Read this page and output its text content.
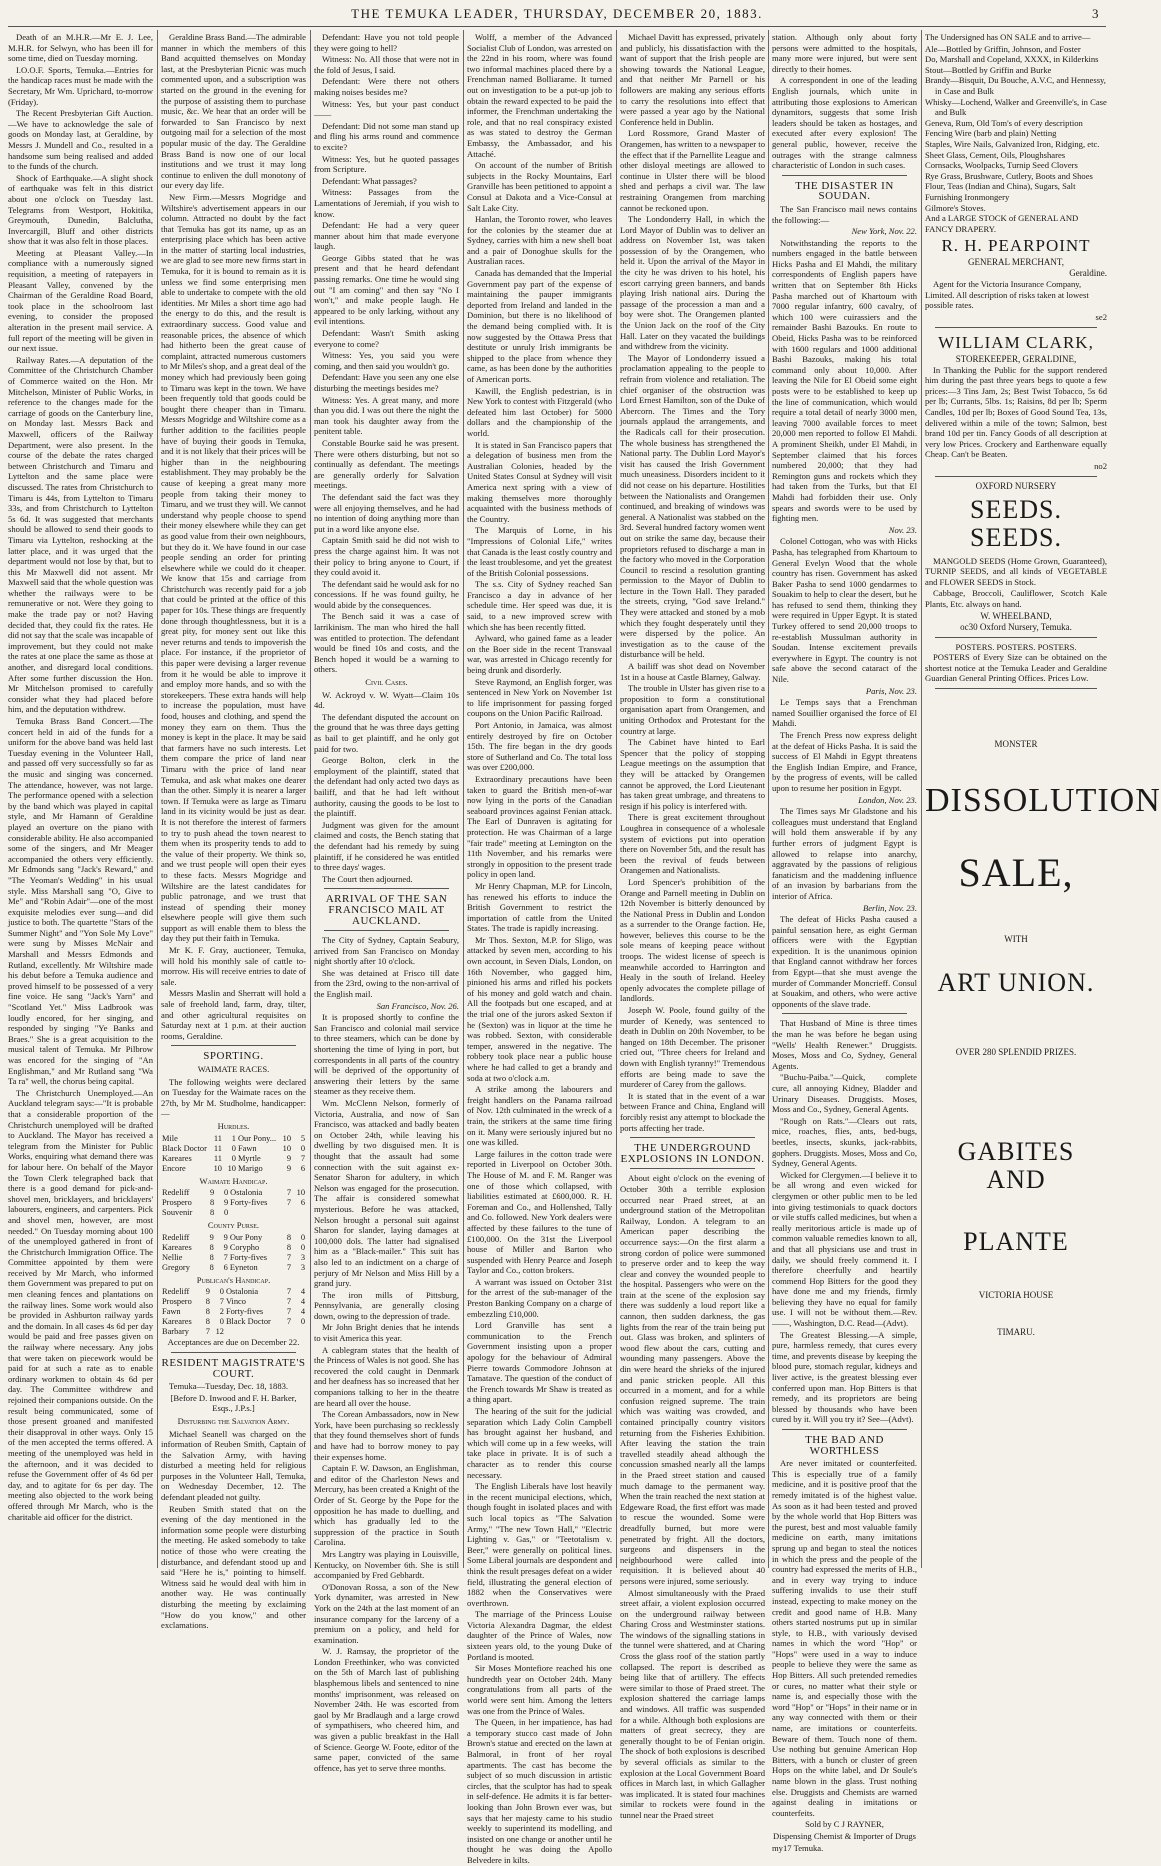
THE TEMUKA LEADER, THURSDAY, DECEMBER 20, 1883.	3

Death of an M.H.R.—Mr E. J. Lee, M.H.R. for Selwyn, who has been ill for some time, died on Tuesday morning.

I.O.O.F. Sports, Temuka.—Entries for the handicap races must be made with the Secretary, Mr Wm. Uprichard, to-morrow (Friday).

The Recent Presbyterian Gift Auction.—We have to acknowledge the sale of goods on Monday last, at Geraldine, by Messrs J. Mundell and Co., resulted in a handsome sum being realised and added to the funds of the church.

Shock of Earthquake.—A slight shock of earthquake was felt in this district about one o'clock on Tuesday last. Telegrams from Westport, Hokitika, Greymouth, Dunedin, Balclutha, Invercargill, Bluff and other districts show that it was also felt in those places.

Meeting at Pleasant Valley.—In compliance with a numerously signed requisition, a meeting of ratepayers in Pleasant Valley, convened by the Chairman of the Geraldine Road Board, took place in the schoolroom last evening, to consider the proposed alteration in the present mail service. A full report of the meeting will be given in our next issue.

Railway Rates.—A deputation of the Committee of the Christchurch Chamber of Commerce waited on the Hon. Mr Mitchelson, Minister of Public Works, in reference to the changes made for the carriage of goods on the Canterbury line, on Monday last. Messrs Back and Maxwell, officers of the Railway Department, were also present. In the course of the debate the rates charged between Christchurch and Timaru and Lyttelton and the same place were discussed. The rates from Christchurch to Timaru is 44s, from Lyttelton to Timaru 33s, and from Christchurch to Lyttelton 5s 6d. It was suggested that merchants should be allowed to send their goods to Timaru via Lyttelton, reshocking at the latter place, and it was urged that the department would not lose by that, but to this Mr Maxwell did not assent. Mr Maxwell said that the whole question was whether the railways were to be remunerative or not. Were they going to make the trade pay or not? Having decided that, they could fix the rates. He did not say that the scale was incapable of improvement, but they could not make the rates at one place the same as those at another, and disregard local conditions. After some further discussion the Hon. Mr Mitchelson promised to carefully consider what they had placed before him, and the deputation withdrew.

Temuka Brass Band Concert.—The concert held in aid of the funds for a uniform for the above band was held last Tuesday evening in the Volunteer Hall, and passed off very successfully so far as the music and singing was concerned. The attendance, however, was not large. The performance opened with a selection by the band which was played in capital style, and Mr Hamann of Geraldine played an overture on the piano with considerable ability. He also accompanied some of the singers, and Mr Meager accompanied the others very efficiently. Mr Edmonds sang "Jack's Reward," and "The Yeoman's Wedding" in his usual style. Miss Marshall sang "O, Give to Me" and "Robin Adair"—one of the most exquisite melodies ever sung—and did justice to both. The quartette "Stars of the Summer Night" and "Yon Sole My Love" were sung by Misses McNair and Marshall and Messrs Edmonds and Rutland, excellently. Mr Wiltshire made his debut before a Temuka audience and proved himself to be possessed of a very fine voice. He sang "Jack's Yarn" and "Scotland Yet." Miss Ladbrook was loudly encored, for her singing, and responded by singing "Ye Banks and Braes." She is a great acquisition to the musical talent of Temuka. Mr Pilbrow was encored for the singing of "An Englishman," and Mr Rutland sang "Wa Ta ra" well, the chorus being capital.

The Christchurch Unemployed.—An Auckland telegram says:—"It is probable that a considerable proportion of the Christchurch unemployed will be drafted to Auckland. The Mayor has received a telegram from the Minister for Public Works, enquiring what demand there was for labour here. On behalf of the Mayor the Town Clerk telegraphed back that there is a good demand for pick-and-shovel men, bricklayers, and bricklayers' labourers, engineers, and carpenters. Pick and shovel men, however, are most needed." On Tuesday morning about 100 of the unemployed gathered in front of the Christchurch Immigration Office. The Committee appointed by them were received by Mr March, who informed them Government was prepared to put on men cleaning fences and plantations on the railway lines. Some work would also be provided in Ashburton railway yards and the domain. In all cases 4s 6d per day would be paid and free passes given on the railway where necessary. Any jobs that were taken on piecework would be paid for at such a rate as to enable ordinary workmen to obtain 4s 6d per day. The Committee withdrew and rejoined their companions outside. On the result being communicated, some of those present groaned and manifested their disapproval in other ways. Only 15 of the men accepted the terms offered. A meeting of the unemployed was held in the afternoon, and it was decided to refuse the Government offer of 4s 6d per day, and to agitate for 6s per day. The meeting also objected to the work being offered through Mr March, who is the charitable aid officer for the district.

Geraldine Brass Band.—The admirable manner in which the members of this Band acquitted themselves on Monday last, at the Presbyterian Picnic was much commented upon, and a subscription was started on the ground in the evening for the purpose of assisting them to purchase music, &c. We hear that an order will be forwarded to San Francisco by next outgoing mail for a selection of the most popular music of the day. The Geraldine Brass Band is now one of our local institutions and we trust it may long continue to enliven the dull monotony of our every day life.

New Firm.—Messrs Mogridge and Wiltshire's advertisement appears in our column. Attracted no doubt by the fact that Temuka has got its name, up as an enterprising place which has been active in the matter of starting local industries, we are glad to see more new firms start in Temuka, for it is bound to remain as it is unless we find some enterprising men able to undertake to compete with the old identities. Mr Miles a short time ago had the energy to do this, and the result is extraordinary success. Good value and reasonable prices, the absence of which had hitherto been the great cause of complaint, attracted numerous customers to Mr Miles's shop, and a great deal of the money which had previously been going to Timaru was kept in the town. We have been frequently told that goods could be bought there cheaper than in Timaru. Messrs Mogridge and Wiltshire come as a further addition to the facilities people have of buying their goods in Temuka, and it is not likely that their prices will be higher than in the neighbouring establishment. They may probably be the cause of keeping a great many more people from taking their money to Timaru, and we trust they will. We cannot understand why people choose to spend their money elsewhere while they can get as good value from their own neighbours, but they do it. We have found in our case people sending an order for printing elsewhere while we could do it cheaper. We know that 15s and carriage from Christchurch was recently paid for a job that could be printed at the office of this paper for 10s. These things are frequently done through thoughtlessness, but it is a great pity, for money sent out like this never returns and tends to impoverish the place. For instance, if the proprietor of this paper were devising a larger revenue from it he would be able to improve it and employ more hands, and so with the storekeepers. These extra hands will help to increase the population, must have food, houses and clothing, and spend the money they earn on them. Thus the money is kept in the place. It may be said that farmers have no such interests. Let them compare the price of land near Timaru with the price of land near Temuka, and ask what makes one dearer than the other. Simply it is nearer a larger town. If Temuka were as large as Timaru land in its vicinity would be just as dear. It is not therefore the interest of farmers to try to push ahead the town nearest to them when its prosperity tends to add to the value of their property. We think so, and we trust people will open their eyes to these facts. Messrs Mogridge and Wiltshire are the latest candidates for public patronage, and we trust that instead of spending their money elsewhere people will give them such support as will enable them to bless the day they put their faith in Temuka.

Mr K. F. Gray, auctioneer, Temuka, will hold his monthly sale of cattle to-morrow. His will receive entries to date of sale.

Messrs Maslin and Sherratt will hold a sale of freehold land, farm, dray, tilter, and other agricultural requisites on Saturday next at 1 p.m. at their auction rooms, Geraldine.

SPORTING.
WAIMATE RACES.

The following weights were declared on Tuesday for the Waimate races on the 27th, by Mr M. Studholme, handicapper:—

Hurdles.
Mile	11	1	Our Pony...	10	5
Black Doctor	11	0	Fawn	10	0
Kareares	11	0	Myrtle	9	7
Encore	10	10	Marigo	9	6
Waimate Handicap.
Redeliff	9	0	Ostalonia	7	10
Prospero	8	9	Forty-fives	7	6
Souvenir	8	0			
County Purse.
Redeliff	9	9	Our Pony	8	0
Kareares	8	9	Corypho	8	0
Nellie	8	7	Forty-fives	7	3
Gregory	8	6	Eyneton	7	3
Publican's Handicap.
Redeliff	9	0	Ostalonia	7	4
Prospero	8	7	Vinco	7	4
Fawn	8	2	Forty-fives	7	4
Kareares	8	0	Black Doctor	7	0
Barbary	7	12			

Acceptances are due on December 22.

RESIDENT MAGISTRATE'S COURT.

Temuka—Tuesday, Dec. 18, 1883.

[Before D. Inwood and F. H. Barker, Esqs., J.P.s.]

Disturbing the Salvation Army.

Michael Seanell was charged on the information of Reuben Smith, Captain of the Salvation Army, with having disturbed a meeting held for religious purposes in the Volunteer Hall, Temuka, on Wednesday December, 12. The defendant pleaded not guilty.

Reuben Smith stated that on the evening of the day mentioned in the information some people were disturbing the meeting. He asked somebody to take notice of those who were creating the disturbance, and defendant stood up and said "Here he is," pointing to himself. Witness said he would deal with him in another way. He was continually disturbing the meeting by exclaiming "How do you know," and other exclamations.

Defendant: Have you not told people they were going to hell?

Witness: No. All those that were not in the fold of Jesus, I said.

Defendant: Were there not others making noises besides me?

Witness: Yes, but your past conduct——

Defendant: Did not some man stand up and fling his arms round and commence to excite?

Witness: Yes, but he quoted passages from Scripture.

Defendant: What passages?

Witness: Passages from the Lamentations of Jeremiah, if you wish to know.

Defendant: He had a very queer manner about him that made everyone laugh.

George Gibbs stated that he was present and that he heard defendant passing remarks. One time he would sing out "I am coming" and then say "No I won't," and make people laugh. He appeared to be only larking, without any evil intentions.

Defendant: Wasn't Smith asking everyone to come?

Witness: Yes, you said you were coming, and then said you wouldn't go.

Defendant: Have you seen any one else disturbing the meetings besides me?

Witness: Yes. A great many, and more than you did. I was out there the night the man took his daughter away from the penitent table.

Constable Bourke said he was present. There were others disturbing, but not so continually as defendant. The meetings are generally orderly for Salvation meetings.

The defendant said the fact was they were all enjoying themselves, and he had no intention of doing anything more than put in a word like anyone else.

Captain Smith said he did not wish to press the charge against him. It was not their policy to bring anyone to Court, if they could avoid it.

The defendant said he would ask for no concessions. If he was found guilty, he would abide by the consequences.

The Bench said it was a case of larrikinism. The man who hired the hall was entitled to protection. The defendant would be fined 10s and costs, and the Bench hoped it would be a warning to others.

Civil Cases.

W. Ackroyd v. W. Wyatt—Claim 10s 4d.

The defendant disputed the account on the ground that he was three days getting as bail to get plaintiff, and he only got paid for two.

George Bolton, clerk in the employment of the plaintiff, stated that the defendant had only acted two days as bailiff, and that he had left without authority, causing the goods to be lost to the plaintiff.

Judgment was given for the amount claimed and costs, the Bench stating that the defendant had his remedy by suing plaintiff, if he considered he was entitled to three days' wages.

The Court then adjourned.

ARRIVAL OF THE SAN FRANCISCO MAIL AT AUCKLAND.

The City of Sydney, Captain Seabury, arrived from San Francisco on Monday night shortly after 10 o'clock.

She was detained at Frisco till date from the 23rd, owing to the non-arrival of the English mail.

San Francisco, Nov. 26.

It is proposed shortly to confine the San Francisco and colonial mail service to three steamers, which can be done by shortening the time of lying in port, but correspondents in all parts of the country will be deprived of the opportunity of answering their letters by the same steamer as they receive them.

Wm. McClenn Nelson, formerly of Victoria, Australia, and now of San Francisco, was attacked and badly beaten on October 24th, while leaving his dwelling by two disguised men. It is thought that the assault had some connection with the suit against ex-Senator Sharon for adultery, in which Nelson was engaged for the prosecution. The affair is considered somewhat mysterious. Before he was attacked, Nelson brought a personal suit against Sharon for slander, laying damages at 100,000 dols. The latter had signalised him as a "Black-mailer." This suit has also led to an indictment on a charge of perjury of Mr Nelson and Miss Hill by a grand jury.

The iron mills of Pittsburg, Pennsylvania, are generally closing down, owing to the depression of trade.

Mr John Bright denies that he intends to visit America this year.

A cablegram states that the health of the Princess of Wales is not good. She has recovered the cold caught in Denmark and her deafness has so increased that her companions talking to her in the theatre are heard all over the house.

The Corean Ambassadors, now in New York, have been purchasing so recklessly that they found themselves short of funds and have had to borrow money to pay their expenses home.

Captain F. W. Dawson, an Englishman, and editor of the Charleston News and Mercury, has been created a Knight of the Order of St. George by the Pope for the opposition he has made to duelling, and which has gradually led to the suppression of the practice in South Carolina.

Mrs Langtry was playing in Louisville, Kentucky, on November 6th. She is still accompanied by Fred Gebhardt.

O'Donovan Rossa, a son of the New York dynamiter, was arrested in New York on the 24th at the last moment of an insurance company for the larceny of a premium on a policy, and held for examination.

W. J. Ramsay, the proprietor of the London Freethinker, who was convicted on the 5th of March last of publishing blasphemous libels and sentenced to nine months' imprisonment, was released on November 24th. He was escorted from gaol by Mr Bradlaugh and a large crowd of sympathisers, who cheered him, and was given a public breakfast in the Hall of Science. George W. Foote, editor of the same paper, convicted of the same offence, has yet to serve three months.

Wolff, a member of the Advanced Socialist Club of London, was arrested on the 22nd in his room, where was found two informal machines placed there by a Frenchman named Bolliarame. It turned out on investigation to be a put-up job to obtain the reward expected to be paid the informer, the Frenchman undertaking the role, and that no real conspiracy existed as was stated to destroy the German Embassy, the Ambassador, and his Attaché.

On account of the number of British subjects in the Rocky Mountains, Earl Granville has been petitioned to appoint a Consul at Dakota and a Vice-Consul at Salt Lake City.

Hanlan, the Toronto rower, who leaves for the colonies by the steamer due at Sydney, carries with him a new shell boat and a pair of Donoghue skulls for the Australian races.

Canada has demanded that the Imperial Government pay part of the expense of maintaining the pauper immigrants deported from Ireland and landed in the Dominion, but there is no likelihood of the demand being complied with. It is now suggested by the Ottawa Press that destitute or unruly Irish immigrants be shipped to the place from whence they came, as has been done by the authorities of American ports.

Kawill, the English pedestrian, is in New York to contest with Fitzgerald (who defeated him last October) for 5000 dollars and the championship of the world.

It is stated in San Francisco papers that a delegation of business men from the Australian Colonies, headed by the United States Consul at Sydney will visit America next spring with a view of making themselves more thoroughly acquainted with the business methods of the Country.

The Marquis of Lorne, in his "Impressions of Colonial Life," writes that Canada is the least costly country and the least troublesome, and yet the greatest of the British Colonial possessions.

The s.s. City of Sydney reached San Francisco a day in advance of her schedule time. Her speed was due, it is said, to a new improved screw with which she has been recently fitted.

Aylward, who gained fame as a leader on the Boer side in the recent Transvaal war, was arrested in Chicago recently for being drunk and disorderly.

Steve Raymond, an English forger, was sentenced in New York on November 1st to life imprisonment for passing forged coupons on the Union Pacific Railroad.

Port Antonio, in Jamaica, was almost entirely destroyed by fire on October 15th. The fire began in the dry goods store of Sutherland and Co. The total loss was over £200,000.

Extraordinary precautions have been taken to guard the British men-of-war now lying in the ports of the Canadian seaboard provinces against Fenian attack. The Earl of Dunraven is agitating for protection. He was Chairman of a large "fair trade" meeting at Lemington on the 11th November, and his remarks were strongly in opposition to the present trade policy in open land.

Mr Henry Chapman, M.P. for Lincoln, has renewed his efforts to induce the British Government to restrict the importation of cattle from the United States. The trade is rapidly increasing.

Mr Thos. Sexton, M.P. for Sligo, was attacked by seven men, according to his own account, in Seven Dials, London, on 16th November, who gagged him, pinioned his arms and rifled his pockets of his money and gold watch and chain. All the footpads but one escaped, and at the trial one of the jurors asked Sexton if he (Sexton) was in liquor at the time he was robbed. Sexton, with considerable temper, answered in the negative. The robbery took place near a public house where he had called to get a brandy and soda at two o'clock a.m.

A strike among the labourers and freight handlers on the Panama railroad of Nov. 12th culminated in the wreck of a train, the strikers at the same time firing on it. Many were seriously injured but no one was killed.

Large failures in the cotton trade were reported in Liverpool on October 30th. The House of M. and F. M. Ranger was one of those which collapsed, with liabilities estimated at £600,000. R. H. Foreman and Co., and Hollenshed, Tally and Co. followed. New York dealers were affected by these failures to the tune of £100,000. On the 31st the Liverpool house of Miller and Barton who suspended with Henry Pearce and Joseph Taylor and Co., cotton brokers.

A warrant was issued on October 31st for the arrest of the sub-manager of the Preston Banking Company on a charge of embezzling £10,000.

Lord Granville has sent a communication to the French Government insisting upon a proper apology for the behaviour of Admiral Pierre towards Commodore Johnson at Tamatave. The question of the conduct of the French towards Mr Shaw is treated as a thing apart.

The hearing of the suit for the judicial separation which Lady Colin Campbell has brought against her husband, and which will come up in a few weeks, will take place in private. It is of such a character as to render this course necessary.

The English Liberals have lost heavily in the recent municipal elections, which, though fought in isolated places and with such local topics as "The Salvation Army," "The new Town Hall," "Electric Lighting v. Gas," or "Teetotalism v. Beer," were generally on political lines. Some Liberal journals are despondent and think the result presages defeat on a wider field, illustrating the general election of 1882 when the Conservatives were overthrown.

The marriage of the Princess Louise Victoria Alexandra Dagmar, the eldest daughter of the Prince of Wales, now sixteen years old, to the young Duke of Portland is mooted.

Sir Moses Montefiore reached his one hundredth year on October 24th. Many congratulations from all parts of the world were sent him. Among the letters was one from the Prince of Wales.

The Queen, in her impatience, has had a temporary stucco cast made of John Brown's statue and erected on the lawn at Balmoral, in front of her royal apartments. The cast has become the subject of so much discussion in artistic circles, that the sculptor has had to speak in self-defence. He admits it is far better-looking than John Brown ever was, but says that her majesty came to his studio weekly to superintend its modelling, and insisted on one change or another until he thought he was doing the Apollo Belvedere in kilts.

Michael Davitt has expressed, privately and publicly, his dissatisfaction with the want of support that the Irish people are showing towards the National League, and that neither Mr Parnell or his followers are making any serious efforts to carry the resolutions into effect that were passed a year ago by the National Conference held in Dublin.

Lord Rossmore, Grand Master of Orangemen, has written to a newspaper to the effect that if the Parnellite League and other disloyal meetings are allowed to continue in Ulster there will be blood shed and perhaps a civil war. The law restraining Orangemen from marching cannot be reckoned upon.

The Londonderry Hall, in which the Lord Mayor of Dublin was to deliver an address on November 1st, was taken possession of by the Orangemen, who held it. Upon the arrival of the Mayor in the city he was driven to his hotel, his escort carrying green banners, and bands playing Irish national airs. During the passage of the procession a man and a boy were shot. The Orangemen planted the Union Jack on the roof of the City Hall. Later on they vacated the buildings and withdrew from the vicinity.

The Mayor of Londonderry issued a proclamation appealing to the people to refrain from violence and retaliation. The chief organiser of the obstruction was Lord Ernest Hamilton, son of the Duke of Abercorn. The Times and the Tory journals applaud the arrangements, and the Radicals call for their prosecution. The whole business has strengthened the National party. The Dublin Lord Mayor's visit has caused the Irish Government much uneasiness. Disorders incident to it did not cease on his departure. Hostilities between the Nationalists and Orangemen continued, and breaking of windows was general. A Nationalist was stabbed on the 3rd. Several hundred factory women went out on strike the same day, because their proprietors refused to discharge a man in the factory who moved in the Corporation Council to rescind a resolution granting permission to the Mayor of Dublin to lecture in the Town Hall. They paraded the streets, crying, "God save Ireland." They were attacked and stoned by a mob which they fought desperately until they were dispersed by the police. An investigation as to the cause of the disturbance will be held.

A bailiff was shot dead on November 1st in a house at Castle Blarney, Galway.

The trouble in Ulster has given rise to a proposition to form a constitutional organisation apart from Orangemen, and uniting Orthodox and Protestant for the country at large.

The Cabinet have hinted to Earl Spencer that the policy of stopping League meetings on the assumption that they will be attacked by Orangemen cannot be approved, the Lord Lieutenant has taken great umbrage, and threatens to resign if his policy is interfered with.

There is great excitement throughout Loughrea in consequence of a wholesale system of evictions put into operation there on November 5th, and the result has been the revival of feuds between Orangemen and Nationalists.

Lord Spencer's prohibition of the Orange and Parnell meeting in Dublin on 12th November is bitterly denounced by the National Press in Dublin and London as a surrender to the Orange faction. He, however, believes this course to be the sole means of keeping peace without troops. The widest license of speech is meanwhile accorded to Harrington and Healy in the south of Ireland. Heeley openly advocates the complete pillage of landlords.

Joseph W. Poole, found guilty of the murder of Kenedy, was sentenced to death in Dublin on 20th November, to be hanged on 18th December. The prisoner cried out, "Three cheers for Ireland and down with English tyranny!" Tremendous efforts are being made to save the murderer of Carey from the gallows.

It is stated that in the event of a war between France and China, England will forcibly resist any attempt to blockade the ports affecting her trade.

THE UNDERGROUND EXPLOSIONS IN LONDON.

About eight o'clock on the evening of October 30th a terrible explosion occurred near Praed street, at an underground station of the Metropolitan Railway, London. A telegram to an American paper describing the occurrence says:—On the first alarm a strong cordon of police were summoned to preserve order and to keep the way clear and convey the wounded people to the hospital. Passengers who were on the train at the scene of the explosion say there was suddenly a loud report like a cannon, then sudden darkness, the gas lights from the rear of the train being put out. Glass was broken, and splinters of wood flew about the cars, cutting and wounding many passengers. Above the din were heard the shrieks of the injured and panic stricken people. All this occurred in a moment, and for a while confusion reigned supreme. The train which was waiting was crowded, and contained principally country visitors returning from the Fisheries Exhibition. After leaving the station the train travelled steadily ahead although the concussion smashed nearly all the lamps in the Praed street station and caused much damage to the permanent way. When the train reached the next station at Edgeware Road, the first effort was made to rescue the wounded. Some were dreadfully burned, but more were penetrated by fright. All the doctors, surgeons and dispensers in the neighbourhood were called into requisition. It is believed about 40 persons were injured, some seriously.

Almost simultaneously with the Praed street affair, a violent explosion occurred on the underground railway between Charing Cross and Westminster stations. The windows of the signalling stations in the tunnel were shattered, and at Charing Cross the glass roof of the station partly collapsed. The report is described as being like that of artillery. The effects were similar to those of Praed street. The explosion shattered the carriage lamps and windows. All traffic was suspended for a while. Although both explosions are matters of great secrecy, they are generally thought to be of Fenian origin. The shock of both explosions is described by several officials as similar to the explosion at the Local Government Board offices in March last, in which Gallagher was implicated. It is stated four machines similar to rockets were found in the tunnel near the Praed street

station. Although only about forty persons were admitted to the hospitals, many more were injured, but were sent directly to their homes.

A correspondent in one of the leading English journals, which unite in attributing those explosions to American dynamitors, suggests that some Irish leaders should be taken as hostages, and executed after every explosion! The general public, however, receive the outrages with the strange calmness characteristic of London in such cases.

THE DISASTER IN SOUDAN.

The San Francisco mail news contains the following:—

New York, Nov. 22.

Notwithstanding the reports to the numbers engaged in the battle between Hicks Pasha and El Mahdi, the military correspondents of English papers have written that on September 8th Hicks Pasha marched out of Khartoum with 7000 regular infantry, 600 cavalry, of which 100 were cuirassiers and the remainder Bashi Bazouks. En route to Obeid, Hicks Pasha was to be reinforced with 1600 regulars and 1000 additional Bashi Bazouks, making his total command only about 10,000. After leaving the Nile for El Obeid some eight posts were to be established to keep up the line of communication, which would require a total detail of nearly 3000 men, leaving 7000 available forces to meet 20,000 men reported to follow El Mahdi. A prominent Sheikh, under El Mahdi, in September claimed that his forces numbered 20,000; that they had Remington guns and rockets which they had taken from the Turks, but that El Mahdi had forbidden their use. Only spears and swords were to be used by fighting men.

Nov. 23.

Colonel Cottogan, who was with Hicks Pasha, has telegraphed from Khartoum to General Evelyn Wood that the whole country has risen. Government has asked Baker Pasha to send 1000 gendarmes to Souakim to help to clear the desert, but he has refused to send them, thinking they were required in Upper Egypt. It is stated Turkey offered to send 20,000 troops to re-establish Mussulman authority in Soudan. Intense excitement prevails everywhere in Egypt. The country is not safe above the second cataract of the Nile.

Paris, Nov. 23.

Le Temps says that a Frenchman named Souillier organised the force of El Mahdi.

The French Press now express delight at the defeat of Hicks Pasha. It is said the success of El Mahdi in Egypt threatens the English Indian Empire, and France, by the progress of events, will be called upon to resume her position in Egypt.

London, Nov. 23.

The Times says Mr Gladstone and his colleagues must understand that England will hold them answerable if by any further errors of judgment Egypt is allowed to relapse into anarchy, aggravated by the passions of religious fanaticism and the maddening influence of an invasion by barbarians from the interior of Africa.

Berlin, Nov. 23.

The defeat of Hicks Pasha caused a painful sensation here, as eight German officers were with the Egyptian expedition. It is the unanimous opinion that England cannot withdraw her forces from Egypt—that she must avenge the murder of Commander Moncrieff. Consul at Souakim, and others, who were active opponents of the slave trade.

That Husband of Mine is three times the man he was before he began using "Wells' Health Renewer." Druggists. Moses, Moss and Co, Sydney, General Agents.

"Buchu-Paiba."—Quick, complete cure, all annoying Kidney, Bladder and Urinary Diseases. Druggists. Moses, Moss and Co., Sydney, General Agents.

"Rough on Rats."—Clears out rats, mice, roaches, flies, ants, bed-bugs, beetles, insects, skunks, jack-rabbits, gophers. Druggists. Moses, Moss and Co, Sydney, General Agents.

Wicked for Clergymen.—I believe it to be all wrong and even wicked for clergymen or other public men to be led into giving testimonials to quack doctors or vile stuffs called medicines, but when a really meritorious article is made up of common valuable remedies known to all, and that all physicians use and trust in daily, we should freely commend it. I therefore cheerfully and heartily commend Hop Bitters for the good they have done me and my friends, firmly believing they have no equal for family use. I will not be without them.—Rev.——, Washington, D.C. Read—(Advt).

The Greatest Blessing.—A simple, pure, harmless remedy, that cures every time, and prevents disease by keeping the blood pure, stomach regular, kidneys and liver active, is the greatest blessing ever conferred upon man. Hop Bitters is that remedy, and its proprietors are being blessed by thousands who have been cured by it. Will you try it? See—(Advt).

THE BAD AND WORTHLESS

Are never imitated or counterfeited. This is especially true of a family medicine, and it is positive proof that the remedy imitated is of the highest value. As soon as it had been tested and proved by the whole world that Hop Bitters was the purest, best and most valuable family medicine on earth, many imitations sprung up and began to steal the notices in which the press and the people of the country had expressed the merits of H.B., and in every way trying to induce suffering invalids to use their stuff instead, expecting to make money on the credit and good name of H.B. Many others started nostrums put up in similar style, to H.B., with variously devised names in which the word "Hop" or "Hops" were used in a way to induce people to believe they were the same as Hop Bitters. All such pretended remedies or cures, no matter what their style or name is, and especially those with the word "Hop" or "Hops" in their name or in any way connected with them or their name, are imitations or counterfeits. Beware of them. Touch none of them. Use nothing but genuine American Hop Bitters, with a bunch or cluster of green Hops on the white label, and Dr Soule's name blown in the glass. Trust nothing else. Druggists and Chemists are warned against dealing in imitations or counterfeits.

Sold by C J RAYNER,

Dispensing Chemist & Importer of Drugs

my17 Temuka.

The Undersigned has ON SALE and to arrive—

Ale—Bottled by Griffin, Johnson, and Foster
Do, Marshall and Copeland, XXXX, in Kilderkins
Stout—Bottled by Griffin and Burke
Brandy—Bisquit, Du Bouche, A.V.C, and Hennessy, in Case and Bulk
Whisky—Lochend, Walker and Greenville's, in Case and Bulk
Geneva, Rum, Old Tom's of every description
Fencing Wire (barb and plain) Netting
Staples, Wire Nails, Galvanized Iron, Ridging, etc.
Sheet Glass, Cement, Oils, Ploughshares
Cornsacks, Woolpacks, Turnip Seed Clovers
Rye Grass, Brushware, Cutlery, Boots and Shoes
Flour, Teas (Indian and China), Sugars, Salt
Furnishing Ironmongery
Gilmore's Stoves.

And a LARGE STOCK of GENERAL AND FANCY DRAPERY.

R. H. PEARPOINT
GENERAL MERCHANT,
Geraldine.

Agent for the Victoria Insurance Company, Limited. All description of risks taken at lowest possible rates.

se2
WILLIAM CLARK,
STOREKEEPER, GERALDINE,

In Thanking the Public for the support rendered him during the past three years begs to quote a few prices:—3 Tins Jam, 2s; Best Twist Tobacco, 5s 6d per lb; Currants, 5lbs. 1s; Raisins, 8d per lb; Sperm Candles, 10d per lb; Boxes of Good Sound Tea, 13s, delivered within a mile of the town; Salmon, best brand 10d per tin. Fancy Goods of all description at very low Prices. Crockery and Earthenware equally Cheap. Can't be Beaten.

no2
OXFORD NURSERY
SEEDS. SEEDS.

MANGOLD SEEDS (Home Grown, Guaranteed), TURNIP SEEDS, and all kinds of VEGETABLE and FLOWER SEEDS in Stock.

Cabbage, Broccoli, Cauliflower, Scotch Kale Plants, Etc. always on hand.

W. WHEELBAND,
oc30 Oxford Nursery, Temuka.
POSTERS. POSTERS. POSTERS.

POSTERS of Every Size can be obtained on the shortest notice at the Temuka Leader and Geraldine Guardian General Printing Offices. Prices Low.

MONSTER
DISSOLUTION
SALE,
WITH
ART UNION.
OVER 280 SPLENDID PRIZES.
GABITES AND
PLANTE
VICTORIA HOUSE
TIMARU.
